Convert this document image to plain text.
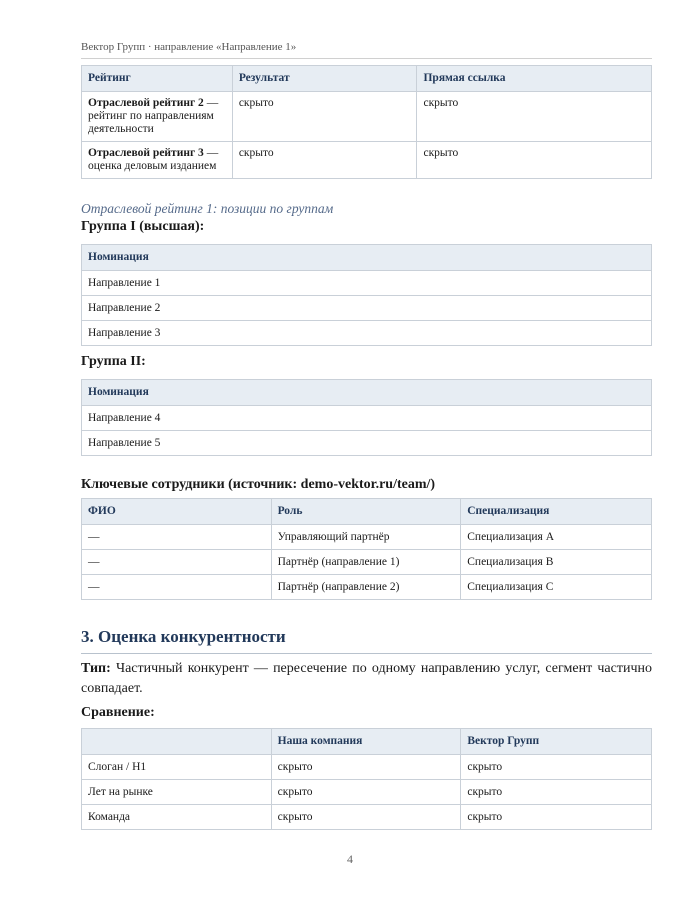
Вектор Групп · направление «Направление 1»
Рейтинг	Результат	Прямая ссылка
Отраслевой рейтинг 2 — рейтинг по направлениям деятельности	скрыто	скрыто
Отраслевой рейтинг 3 — оценка деловым изданием	скрыто	скрыто
Отраслевой рейтинг 1: позиции по группам
Группа I (высшая):
Номинация
Направление 1
Направление 2
Направление 3
Группа II:
Номинация
Направление 4
Направление 5
Ключевые сотрудники (источник: demo-vektor.ru/team/)
ФИО	Роль	Специализация
—	Управляющий партнёр	Специализация A
—	Партнёр (направление 1)	Специализация B
—	Партнёр (направление 2)	Специализация C
3. Оценка конкурентности
Тип: Частичный конкурент — пересечение по одному направлению услуг, сегмент частично совпадает.
Сравнение:
	Наша компания	Вектор Групп
Слоган / H1	скрыто	скрыто
Лет на рынке	скрыто	скрыто
Команда	скрыто	скрыто
4
